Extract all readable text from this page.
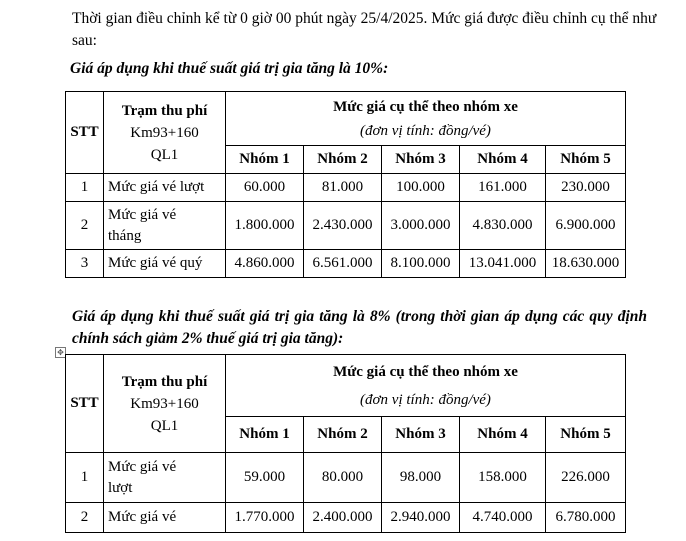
Thời gian điều chỉnh kể từ 0 giờ 00 phút ngày 25/4/2025. Mức giá được điều chỉnh cụ thể như sau:
Giá áp dụng khi thuế suất giá trị gia tăng là 10%:
STT	Trạm thu phí
Km93+160
QL1	Mức giá cụ thể theo nhóm xe
(đơn vị tính: đồng/vé)				
		Nhóm 1	Nhóm 2	Nhóm 3	Nhóm 4	Nhóm 5
1	Mức giá vé lượt	60.000	81.000	100.000	161.000	230.000
2	Mức giá vé tháng	1.800.000	2.430.000	3.000.000	4.830.000	6.900.000
3	Mức giá vé quý	4.860.000	6.561.000	8.100.000	13.041.000	18.630.000
Giá áp dụng khi thuế suất giá trị gia tăng là 8% (trong thời gian áp dụng các quy định chính sách giảm 2% thuế giá trị gia tăng):
✥
STT	Trạm thu phí
Km93+160
QL1	Mức giá cụ thể theo nhóm xe
(đơn vị tính: đồng/vé)				
		Nhóm 1	Nhóm 2	Nhóm 3	Nhóm 4	Nhóm 5
1	Mức giá vé lượt	59.000	80.000	98.000	158.000	226.000
2	Mức giá vé	1.770.000	2.400.000	2.940.000	4.740.000	6.780.000
